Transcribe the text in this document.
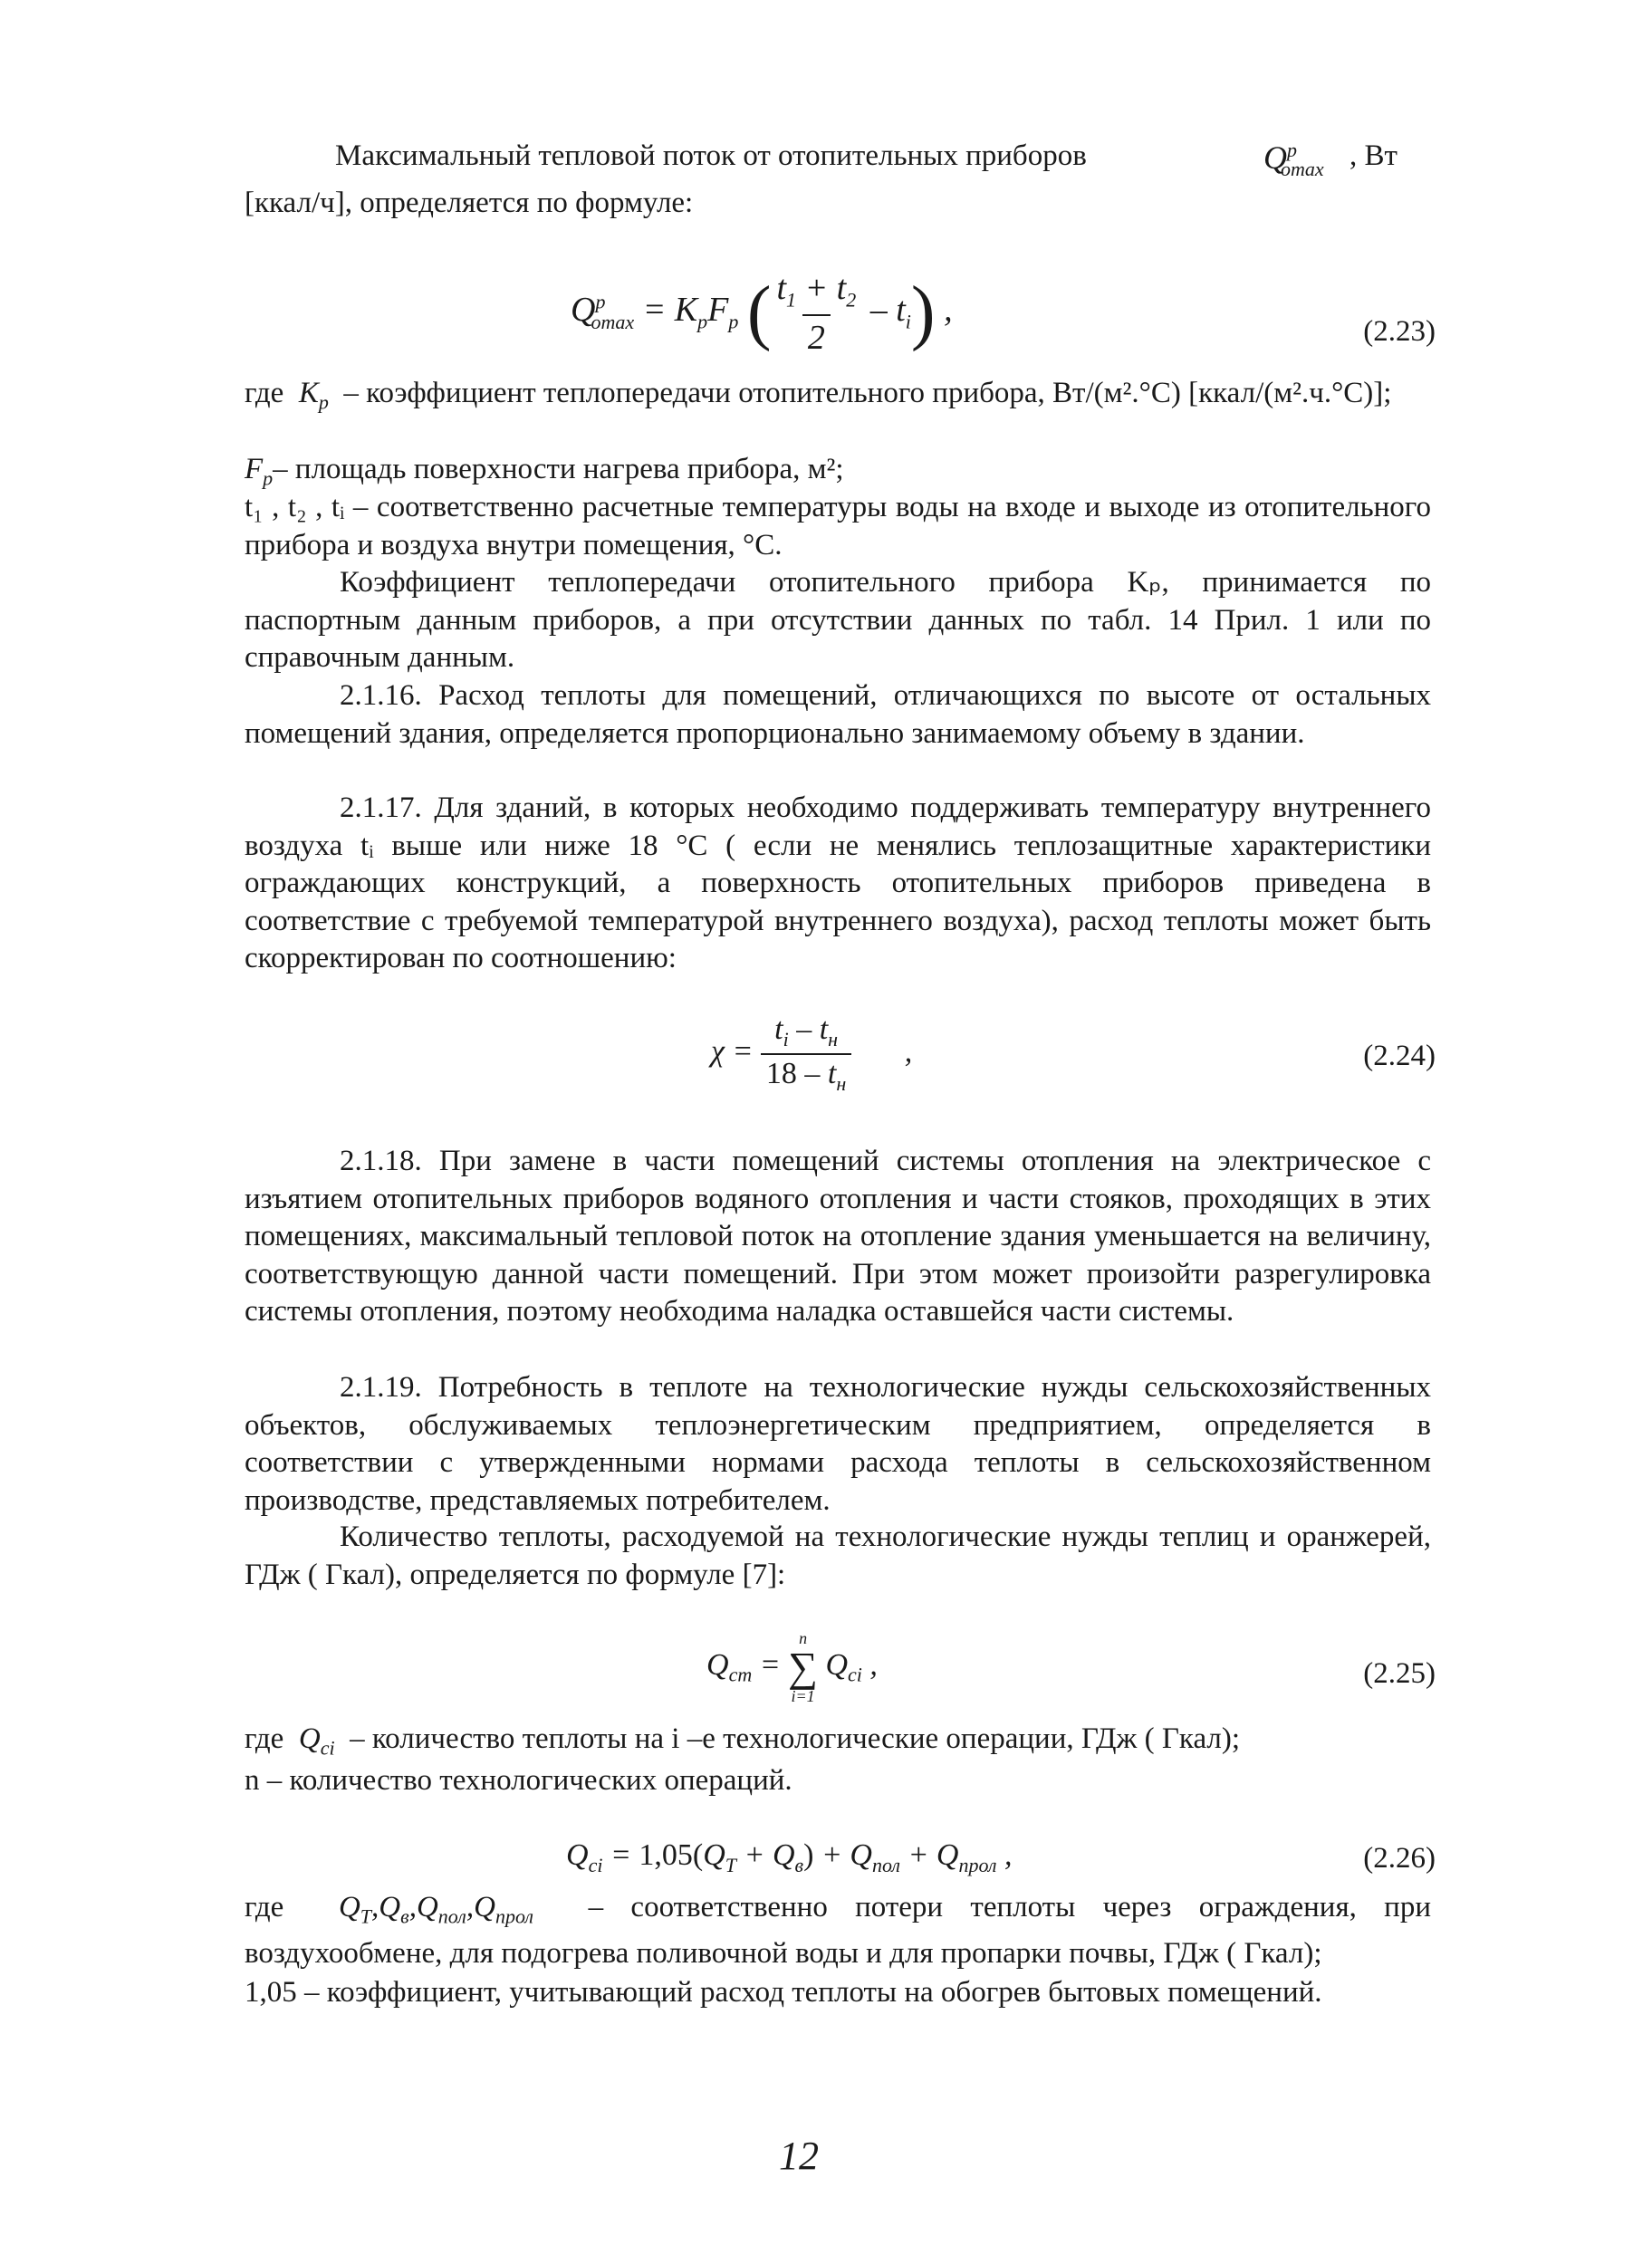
Максимальный тепловой поток от отопительных приборов	$Q^p_{omax}$ , Вт
[ккал/ч], определяется по формуле:
$Q^p_{omax} = K_pF_p$ ( $\frac{t_1 + t_2}{2} - t_i$) ,
(2.23)
где  $K_p$ – коэффициент теплопередачи отопительного прибора, Вт/(м².°С) [ккал/(м².ч.°С)];
$F_p-$ площадь поверхности нагрева прибора, м²;
t₁ , t₂ , tᵢ – соответственно расчетные температуры воды на входе и выходе из отопительного прибора и воздуха внутри помещения, °С.
Коэффициент теплопередачи отопительного прибора Kₚ, принимается по паспортным данным приборов, а при отсутствии данных по табл. 14 Прил. 1 или по справочным данным.
2.1.16. Расход теплоты для помещений, отличающихся по высоте от остальных помещений здания, определяется пропорционально занимаемому объему в здании.
2.1.17. Для зданий, в которых необходимо поддерживать температуру внутреннего воздуха tᵢ выше или ниже 18 °С ( если не менялись теплозащитные характеристики ограждающих конструкций, а поверхность отопительных приборов приведена в соответствие с требуемой температурой внутреннего воздуха), расход теплоты может быть скорректирован по соотношению:
$\chi = \frac{t_i - t_н}{18 - t_н}$ ,	(2.24)
2.1.18. При замене в части помещений системы отопления на электрическое с изъятием отопительных приборов водяного отопления и части стояков, проходящих в этих помещениях, максимальный тепловой поток на отопление здания уменьшается на величину, соответствующую данной части помещений. При этом может произойти разрегулировка системы отопления, поэтому необходима наладка оставшейся части системы.
2.1.19. Потребность в теплоте на технологические нужды сельскохозяйственных объектов, обслуживаемых теплоэнергетическим предприятием, определяется в соответствии с утвержденными нормами расхода теплоты в сельскохозяйственном производстве, представляемых потребителем.
Количество теплоты, расходуемой на технологические нужды теплиц и оранжерей, ГДж ( Гкал), определяется по формуле [7]:
$Q_{ст}$ =
n
∑
i=1
$Q_{сi}$ ,	(2.25)
где  $Q_{сi}$ – количество теплоты на i –е технологические операции, ГДж ( Гкал);
n – количество технологических операций.
$Q_{сi} = 1,05(Q_T + Q_в) + Q_{пол} + Q_{прол}$ ,	(2.26)
где  $Q_T,Q_в,Q_{пол},Q_{прол}$ – соответственно потери теплоты через ограждения, при воздухообмене, для подогрева поливочной воды и для пропарки почвы, ГДж ( Гкал);
1,05 – коэффициент, учитывающий расход теплоты на обогрев бытовых помещений.
12
